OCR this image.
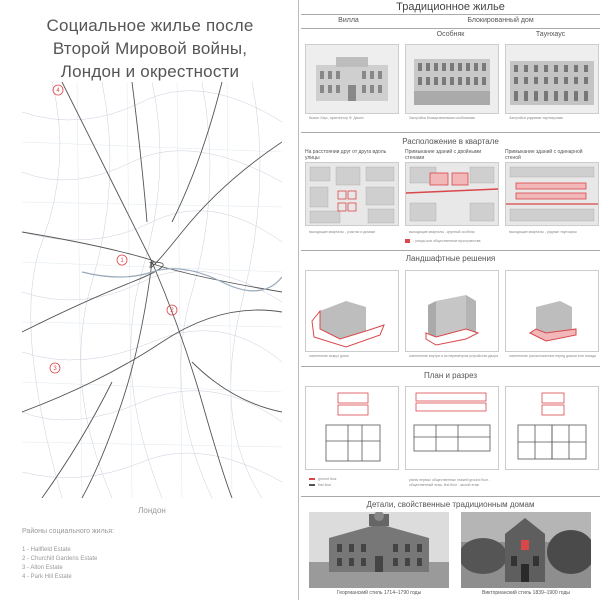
Социальное жилье после
Второй Мировой войны,
Лондон и окрестности
4
1
2
3
Лондон
Районы социального жилья:
1 - Hallfield Estate
2 - Churchill Gardens Estate
3 - Alton Estate
4 - Park Hill Estate
Традиционное жилье
Вилла	Блокированный дом
Особняк	Таунхаус
Кьюис Хаус, архитектор Ф. Джонс	Застройка блокированными особняками	Застройка рядными таунхаусами
Расположение в квартале
На расстоянии друг от друга вдоль улицы
Примыкание зданий с двойными стенами
Примыкание зданий с одинарной стеной
выходящие кварталы - участки и домики	выходящие кварталы - крупный особняк	выходящие кварталы - рядные таунхаусы
- улицы или общественные пространства
Ландшафтные решения
озеленение вокруг дома	озеленение внутри и за периметром устройство двора	озеленение расположенное перед домом или позади
План и разрез
ground floor
first floor
planis первых общественных этажей ground floor - общественный этаж, first floor - жилой этаж
Детали, свойственные традиционным домам
Георгианский стиль 1714–1790 годы	Викторианский стиль 1839–1900 годы
